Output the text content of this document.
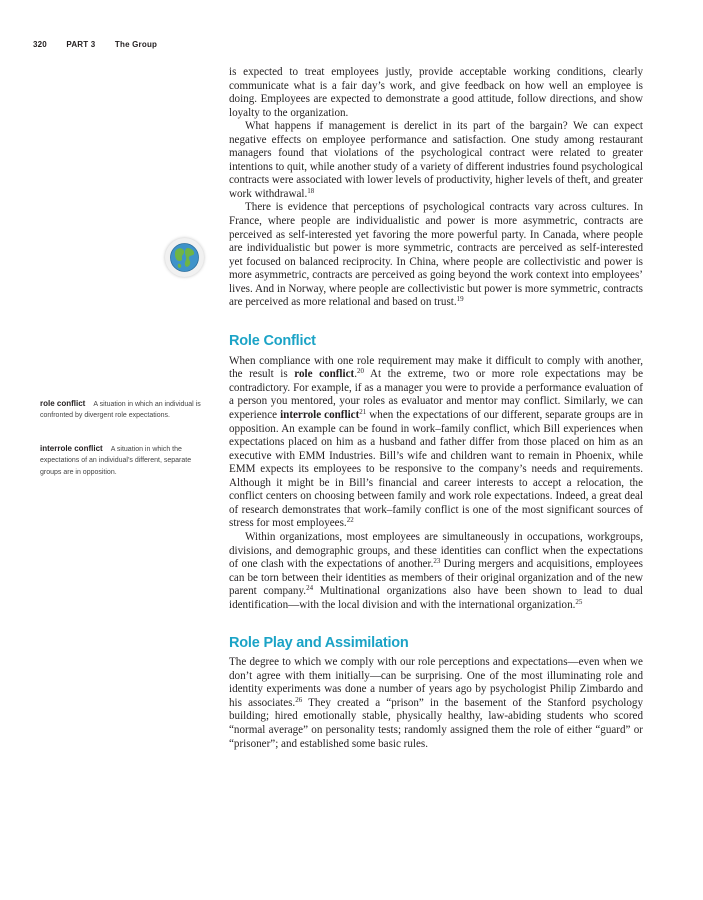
320 PART 3 The Group
role conflict A situation in which an individual is confronted by divergent role expectations.
interrole conflict A situation in which the expectations of an individual’s different, separate groups are in opposition.

is expected to treat employees justly, provide acceptable working conditions, clearly communicate what is a fair day’s work, and give feedback on how well an employee is doing. Employees are expected to demonstrate a good attitude, follow directions, and show loyalty to the organization.

What happens if management is derelict in its part of the bargain? We can expect negative effects on employee performance and satisfaction. One study among restaurant managers found that violations of the psychological contract were related to greater intentions to quit, while another study of a variety of different industries found psychological contracts were associated with lower levels of productivity, higher levels of theft, and greater work withdrawal.$^{18}$

There is evidence that perceptions of psychological contracts vary across cultures. In France, where people are individualistic and power is more asymmetric, contracts are perceived as self-interested yet favoring the more powerful party. In Canada, where people are individualistic but power is more symmetric, contracts are perceived as self-interested yet focused on balanced reciprocity. In China, where people are collectivistic and power is more asymmetric, contracts are perceived as going beyond the work context into employees’ lives. And in Norway, where people are collectivistic but power is more symmetric, contracts are perceived as more relational and based on trust.$^{19}$

Role Conflict

When compliance with one role requirement may make it difficult to comply with another, the result is role conflict.$^{20}$ At the extreme, two or more role expectations may be contradictory. For example, if as a manager you were to provide a performance evaluation of a person you mentored, your roles as evaluator and mentor may conflict. Similarly, we can experience interrole conflict$^{21}$ when the expectations of our different, separate groups are in opposition. An example can be found in work–family conflict, which Bill experiences when expectations placed on him as a husband and father differ from those placed on him as an executive with EMM Industries. Bill’s wife and children want to remain in Phoenix, while EMM expects its employees to be responsive to the company’s needs and requirements. Although it might be in Bill’s financial and career interests to accept a relocation, the conflict centers on choosing between family and work role expectations. Indeed, a great deal of research demonstrates that work–family conflict is one of the most significant sources of stress for most employees.$^{22}$

Within organizations, most employees are simultaneously in occupations, workgroups, divisions, and demographic groups, and these identities can conflict when the expectations of one clash with the expectations of another.$^{23}$ During mergers and acquisitions, employees can be torn between their identities as members of their original organization and of the new parent company.$^{24}$ Multinational organizations also have been shown to lead to dual identification—with the local division and with the international organization.$^{25}$

Role Play and Assimilation

The degree to which we comply with our role perceptions and expectations—even when we don’t agree with them initially—can be surprising. One of the most illuminating role and identity experiments was done a number of years ago by psychologist Philip Zimbardo and his associates.$^{26}$ They created a “prison” in the basement of the Stanford psychology building; hired emotionally stable, physically healthy, law-abiding students who scored “normal average” on personality tests; randomly assigned them the role of either “guard” or “prisoner”; and established some basic rules.
